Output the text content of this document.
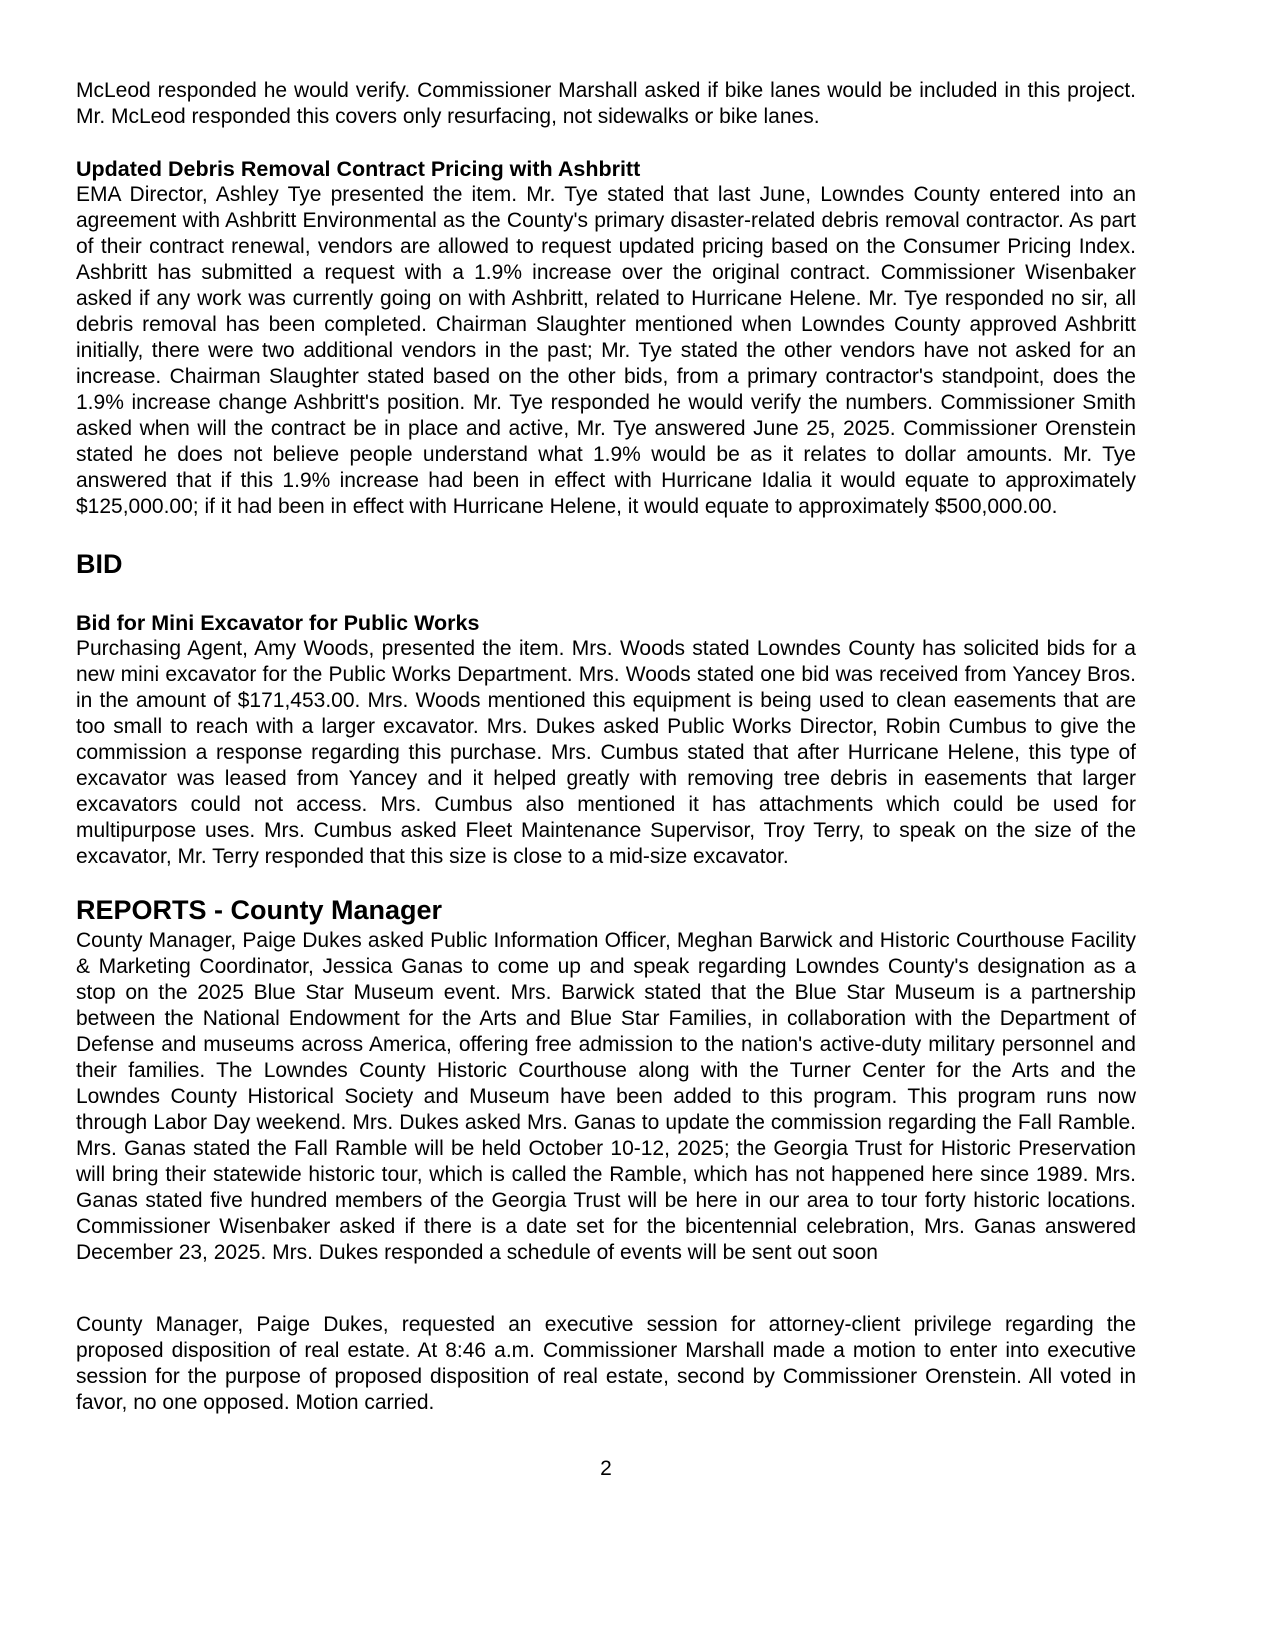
McLeod responded he would verify. Commissioner Marshall asked if bike lanes would be included in this project. Mr. McLeod responded this covers only resurfacing, not sidewalks or bike lanes.

Updated Debris Removal Contract Pricing with Ashbritt

EMA Director, Ashley Tye presented the item. Mr. Tye stated that last June, Lowndes County entered into an agreement with Ashbritt Environmental as the County's primary disaster-related debris removal contractor. As part of their contract renewal, vendors are allowed to request updated pricing based on the Consumer Pricing Index. Ashbritt has submitted a request with a 1.9% increase over the original contract. Commissioner Wisenbaker asked if any work was currently going on with Ashbritt, related to Hurricane Helene. Mr. Tye responded no sir, all debris removal has been completed. Chairman Slaughter mentioned when Lowndes County approved Ashbritt initially, there were two additional vendors in the past; Mr. Tye stated the other vendors have not asked for an increase. Chairman Slaughter stated based on the other bids, from a primary contractor's standpoint, does the 1.9% increase change Ashbritt's position. Mr. Tye responded he would verify the numbers. Commissioner Smith asked when will the contract be in place and active, Mr. Tye answered June 25, 2025. Commissioner Orenstein stated he does not believe people understand what 1.9% would be as it relates to dollar amounts. Mr. Tye answered that if this 1.9% increase had been in effect with Hurricane Idalia it would equate to approximately $125,000.00; if it had been in effect with Hurricane Helene, it would equate to approximately $500,000.00.

BID
Bid for Mini Excavator for Public Works

Purchasing Agent, Amy Woods, presented the item. Mrs. Woods stated Lowndes County has solicited bids for a new mini excavator for the Public Works Department. Mrs. Woods stated one bid was received from Yancey Bros. in the amount of $171,453.00. Mrs. Woods mentioned this equipment is being used to clean easements that are too small to reach with a larger excavator. Mrs. Dukes asked Public Works Director, Robin Cumbus to give the commission a response regarding this purchase. Mrs. Cumbus stated that after Hurricane Helene, this type of excavator was leased from Yancey and it helped greatly with removing tree debris in easements that larger excavators could not access. Mrs. Cumbus also mentioned it has attachments which could be used for multipurpose uses. Mrs. Cumbus asked Fleet Maintenance Supervisor, Troy Terry, to speak on the size of the excavator, Mr. Terry responded that this size is close to a mid-size excavator.

REPORTS - County Manager

County Manager, Paige Dukes asked Public Information Officer, Meghan Barwick and Historic Courthouse Facility & Marketing Coordinator, Jessica Ganas to come up and speak regarding Lowndes County's designation as a stop on the 2025 Blue Star Museum event. Mrs. Barwick stated that the Blue Star Museum is a partnership between the National Endowment for the Arts and Blue Star Families, in collaboration with the Department of Defense and museums across America, offering free admission to the nation's active-duty military personnel and their families. The Lowndes County Historic Courthouse along with the Turner Center for the Arts and the Lowndes County Historical Society and Museum have been added to this program. This program runs now through Labor Day weekend. Mrs. Dukes asked Mrs. Ganas to update the commission regarding the Fall Ramble. Mrs. Ganas stated the Fall Ramble will be held October 10-12, 2025; the Georgia Trust for Historic Preservation will bring their statewide historic tour, which is called the Ramble, which has not happened here since 1989. Mrs. Ganas stated five hundred members of the Georgia Trust will be here in our area to tour forty historic locations. Commissioner Wisenbaker asked if there is a date set for the bicentennial celebration, Mrs. Ganas answered December 23, 2025. Mrs. Dukes responded a schedule of events will be sent out soon

County Manager, Paige Dukes, requested an executive session for attorney-client privilege regarding the proposed disposition of real estate. At 8:46 a.m. Commissioner Marshall made a motion to enter into executive session for the purpose of proposed disposition of real estate, second by Commissioner Orenstein. All voted in favor, no one opposed. Motion carried.

2
